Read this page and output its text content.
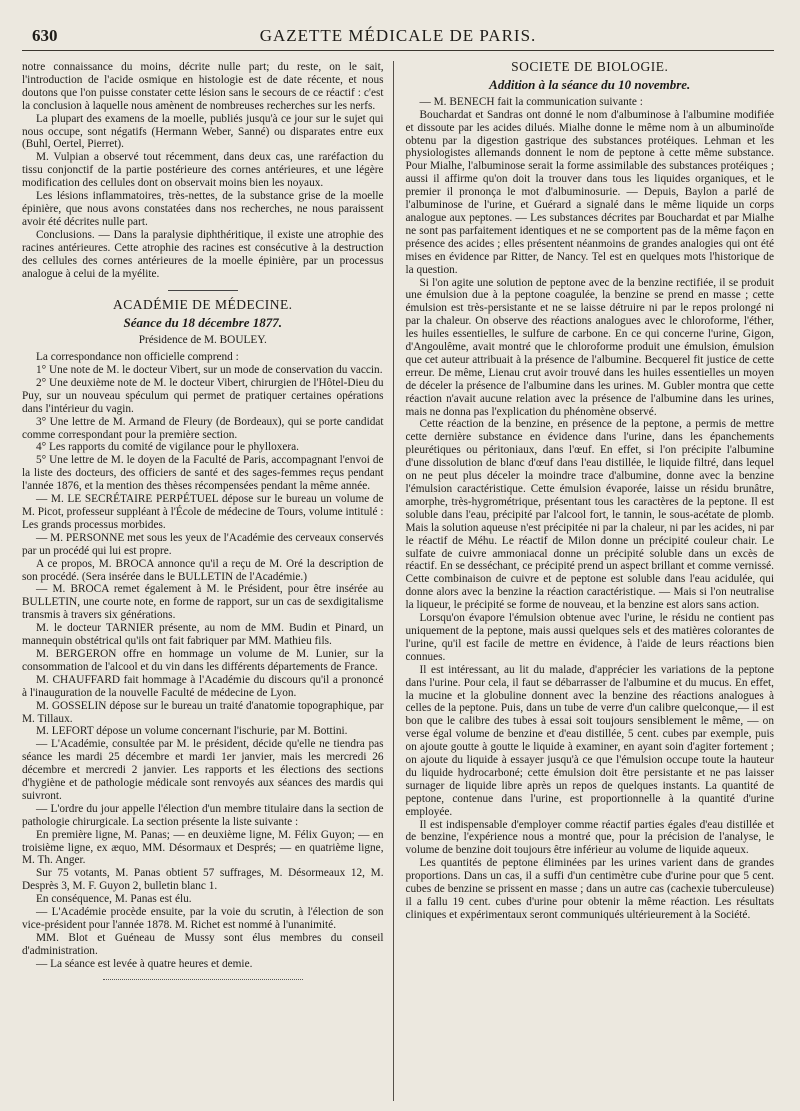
630	GAZETTE MÉDICALE DE PARIS.

notre connaissance du moins, décrite nulle part; du reste, on le sait, l'introduction de l'acide osmique en histologie est de date récente, et nous doutons que l'on puisse constater cette lésion sans le secours de ce réactif : c'est la conclusion à laquelle nous amènent de nombreuses recherches sur les nerfs.

La plupart des examens de la moelle, publiés jusqu'à ce jour sur le sujet qui nous occupe, sont négatifs (Hermann Weber, Sanné) ou disparates entre eux (Buhl, Oertel, Pierret).

M. Vulpian a observé tout récemment, dans deux cas, une raréfaction du tissu conjonctif de la partie postérieure des cornes antérieures, et une légère modification des cellules dont on observait moins bien les noyaux.

Les lésions inflammatoires, très-nettes, de la substance grise de la moelle épinière, que nous avons constatées dans nos recherches, ne nous paraissent avoir été décrites nulle part.

Conclusions. — Dans la paralysie diphthéritique, il existe une atrophie des racines antérieures. Cette atrophie des racines est consécutive à la destruction des cellules des cornes antérieures de la moelle épinière, par un processus analogue à celui de la myélite.

ACADÉMIE DE MÉDECINE.
Séance du 18 décembre 1877.
Présidence de M. BOULEY.

La correspondance non officielle comprend :

1° Une note de M. le docteur Vibert, sur un mode de conservation du vaccin.

2° Une deuxième note de M. le docteur Vibert, chirurgien de l'Hôtel-Dieu du Puy, sur un nouveau spéculum qui permet de pratiquer certaines opérations dans l'intérieur du vagin.

3° Une lettre de M. Armand de Fleury (de Bordeaux), qui se porte candidat comme correspondant pour la première section.

4° Les rapports du comité de vigilance pour le phylloxera.

5° Une lettre de M. le doyen de la Faculté de Paris, accompagnant l'envoi de la liste des docteurs, des officiers de santé et des sages-femmes reçus pendant l'année 1876, et la mention des thèses récompensées pendant la même année.

— M. LE SECRÉTAIRE PERPÉTUEL dépose sur le bureau un volume de M. Picot, professeur suppléant à l'École de médecine de Tours, volume intitulé : Les grands processus morbides.

— M. PERSONNE met sous les yeux de l'Académie des cerveaux conservés par un procédé qui lui est propre.

A ce propos, M. BROCA annonce qu'il a reçu de M. Oré la description de son procédé. (Sera insérée dans le BULLETIN de l'Académie.)

— M. BROCA remet également à M. le Président, pour être insérée au BULLETIN, une courte note, en forme de rapport, sur un cas de sexdigitalisme transmis à travers six générations.

M. le docteur TARNIER présente, au nom de MM. Budin et Pinard, un mannequin obstétrical qu'ils ont fait fabriquer par MM. Mathieu fils.

M. BERGERON offre en hommage un volume de M. Lunier, sur la consommation de l'alcool et du vin dans les différents départements de France.

M. CHAUFFARD fait hommage à l'Académie du discours qu'il a prononcé à l'inauguration de la nouvelle Faculté de médecine de Lyon.

M. GOSSELIN dépose sur le bureau un traité d'anatomie topographique, par M. Tillaux.

M. LEFORT dépose un volume concernant l'ischurie, par M. Bottini.

— L'Académie, consultée par M. le président, décide qu'elle ne tiendra pas séance les mardi 25 décembre et mardi 1er janvier, mais les mercredi 26 décembre et mercredi 2 janvier. Les rapports et les élections des sections d'hygiène et de pathologie médicale sont renvoyés aux séances des mardis qui suivront.

— L'ordre du jour appelle l'élection d'un membre titulaire dans la section de pathologie chirurgicale. La section présente la liste suivante :

En première ligne, M. Panas; — en deuxième ligne, M. Félix Guyon; — en troisième ligne, ex æquo, MM. Désormaux et Després; — en quatrième ligne, M. Th. Anger.

Sur 75 votants, M. Panas obtient 57 suffrages, M. Désormeaux 12, M. Desprès 3, M. F. Guyon 2, bulletin blanc 1.

En conséquence, M. Panas est élu.

— L'Académie procède ensuite, par la voie du scrutin, à l'élection de son vice-président pour l'année 1878. M. Richet est nommé à l'unanimité.

MM. Blot et Guéneau de Mussy sont élus membres du conseil d'administration.

— La séance est levée à quatre heures et demie.

SOCIÉTÉ DE BIOLOGIE.
Addition à la séance du 10 novembre.

— M. BENECH fait la communication suivante :

Bouchardat et Sandras ont donné le nom d'albuminose à l'albumine modifiée et dissoute par les acides dilués. Mialhe donne le même nom à un albuminoïde obtenu par la digestion gastrique des substances protéiques. Lehman et les physiologistes allemands donnent le nom de peptone à cette même substance. Pour Mialhe, l'albuminose serait la forme assimilable des substances protéiques ; aussi il affirme qu'on doit la trouver dans tous les liquides organiques, et le premier il prononça le mot d'albuminosurie. — Depuis, Baylon a parlé de l'albuminose de l'urine, et Guérard a signalé dans le même liquide un corps analogue aux peptones. — Les substances décrites par Bouchardat et par Mialhe ne sont pas parfaitement identiques et ne se comportent pas de la même façon en présence des acides ; elles présentent néanmoins de grandes analogies qui ont été mises en évidence par Ritter, de Nancy. Tel est en quelques mots l'historique de la question.

Si l'on agite une solution de peptone avec de la benzine rectifiée, il se produit une émulsion due à la peptone coagulée, la benzine se prend en masse ; cette émulsion est très-persistante et ne se laisse détruire ni par le repos prolongé ni par la chaleur. On observe des réactions analogues avec le chloroforme, l'éther, les huiles essentielles, le sulfure de carbone. En ce qui concerne l'urine, Gigon, d'Angoulême, avait montré que le chloroforme produit une émulsion, émulsion que cet auteur attribuait à la présence de l'albumine. Becquerel fit justice de cette erreur. De même, Lienau crut avoir trouvé dans les huiles essentielles un moyen de déceler la présence de l'albumine dans les urines. M. Gubler montra que cette réaction n'avait aucune relation avec la présence de l'albumine dans les urines, mais ne donna pas l'explication du phénomène observé.

Cette réaction de la benzine, en présence de la peptone, a permis de mettre cette dernière substance en évidence dans l'urine, dans les épanchements pleurétiques ou péritoniaux, dans l'œuf. En effet, si l'on précipite l'albumine d'une dissolution de blanc d'œuf dans l'eau distillée, le liquide filtré, dans lequel on ne peut plus déceler la moindre trace d'albumine, donne avec la benzine l'émulsion caractéristique. Cette émulsion évaporée, laisse un résidu brunâtre, amorphe, très-hygrométrique, présentant tous les caractères de la peptone. Il est soluble dans l'eau, précipité par l'alcool fort, le tannin, le sous-acétate de plomb. Mais la solution aqueuse n'est précipitée ni par la chaleur, ni par les acides, ni par le réactif de Méhu. Le réactif de Milon donne un précipité couleur chair. Le sulfate de cuivre ammoniacal donne un précipité soluble dans un excès de réactif. En se desséchant, ce précipité prend un aspect brillant et comme vernissé. Cette combinaison de cuivre et de peptone est soluble dans l'eau acidulée, qui donne alors avec la benzine la réaction caractéristique. — Mais si l'on neutralise la liqueur, le précipité se forme de nouveau, et la benzine est alors sans action.

Lorsqu'on évapore l'émulsion obtenue avec l'urine, le résidu ne contient pas uniquement de la peptone, mais aussi quelques sels et des matières colorantes de l'urine, qu'il est facile de mettre en évidence, à l'aide de leurs réactions bien connues.

Il est intéressant, au lit du malade, d'apprécier les variations de la peptone dans l'urine. Pour cela, il faut se débarrasser de l'albumine et du mucus. En effet, la mucine et la globuline donnent avec la benzine des réactions analogues à celles de la peptone. Puis, dans un tube de verre d'un calibre quelconque,— il est bon que le calibre des tubes à essai soit toujours sensiblement le même, — on verse égal volume de benzine et d'eau distillée, 5 cent. cubes par exemple, puis on ajoute goutte à goutte le liquide à examiner, en ayant soin d'agiter fortement ; on ajoute du liquide à essayer jusqu'à ce que l'émulsion occupe toute la hauteur du liquide hydrocarboné; cette émulsion doit être persistante et ne pas laisser surnager de liquide libre après un repos de quelques instants. La quantité de peptone, contenue dans l'urine, est proportionnelle à la quantité d'urine employée.

Il est indispensable d'employer comme réactif parties égales d'eau distillée et de benzine, l'expérience nous a montré que, pour la précision de l'analyse, le volume de benzine doit toujours être inférieur au volume de liquide aqueux.

Les quantités de peptone éliminées par les urines varient dans de grandes proportions. Dans un cas, il a suffi d'un centimètre cube d'urine pour que 5 cent. cubes de benzine se prissent en masse ; dans un autre cas (cachexie tuberculeuse) il a fallu 19 cent. cubes d'urine pour obtenir la même réaction. Les résultats cliniques et expérimentaux seront communiqués ultérieurement à la Société.
